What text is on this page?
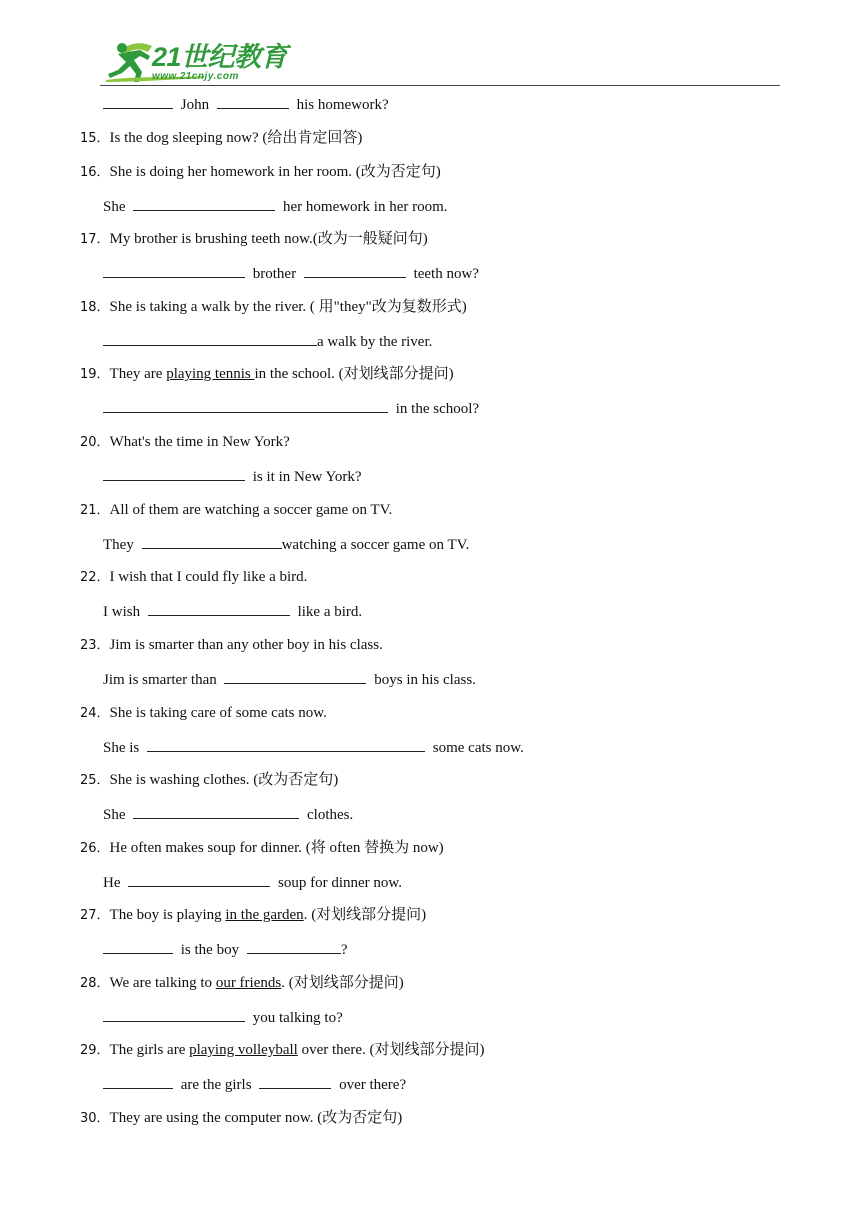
21世纪教育
www.21cnjy.com
John	his homework?
15．Is the dog sleeping now? (给出肯定回答)
16．She is doing her homework in her room. (改为否定句)
She	her homework in her room.
17．My brother is brushing teeth now.(改为一般疑问句)
brother	teeth now?
18．She is taking a walk by the river. ( 用"they"改为复数形式)
a walk by the river.
19．They are playing tennis in the school. (对划线部分提问)
in the school?
20．What's the time in New York?
is it in New York?
21．All of them are watching a soccer game on TV.
They	watching a soccer game on TV.
22．I wish that I could fly like a bird.
I wish	like a bird.
23．Jim is smarter than any other boy in his class.
Jim is smarter than	boys in his class.
24．She is taking care of some cats now.
She is	some cats now.
25．She is washing clothes. (改为否定句)
She	clothes.
26．He often makes soup for dinner. (将 often 替换为 now)
He	soup for dinner now.
27．The boy is playing in the garden. (对划线部分提问)
is the boy	?
28．We are talking to our friends. (对划线部分提问)
you talking to?
29．The girls are playing volleyball over there. (对划线部分提问)
are the girls	over there?
30．They are using the computer now. (改为否定句)
